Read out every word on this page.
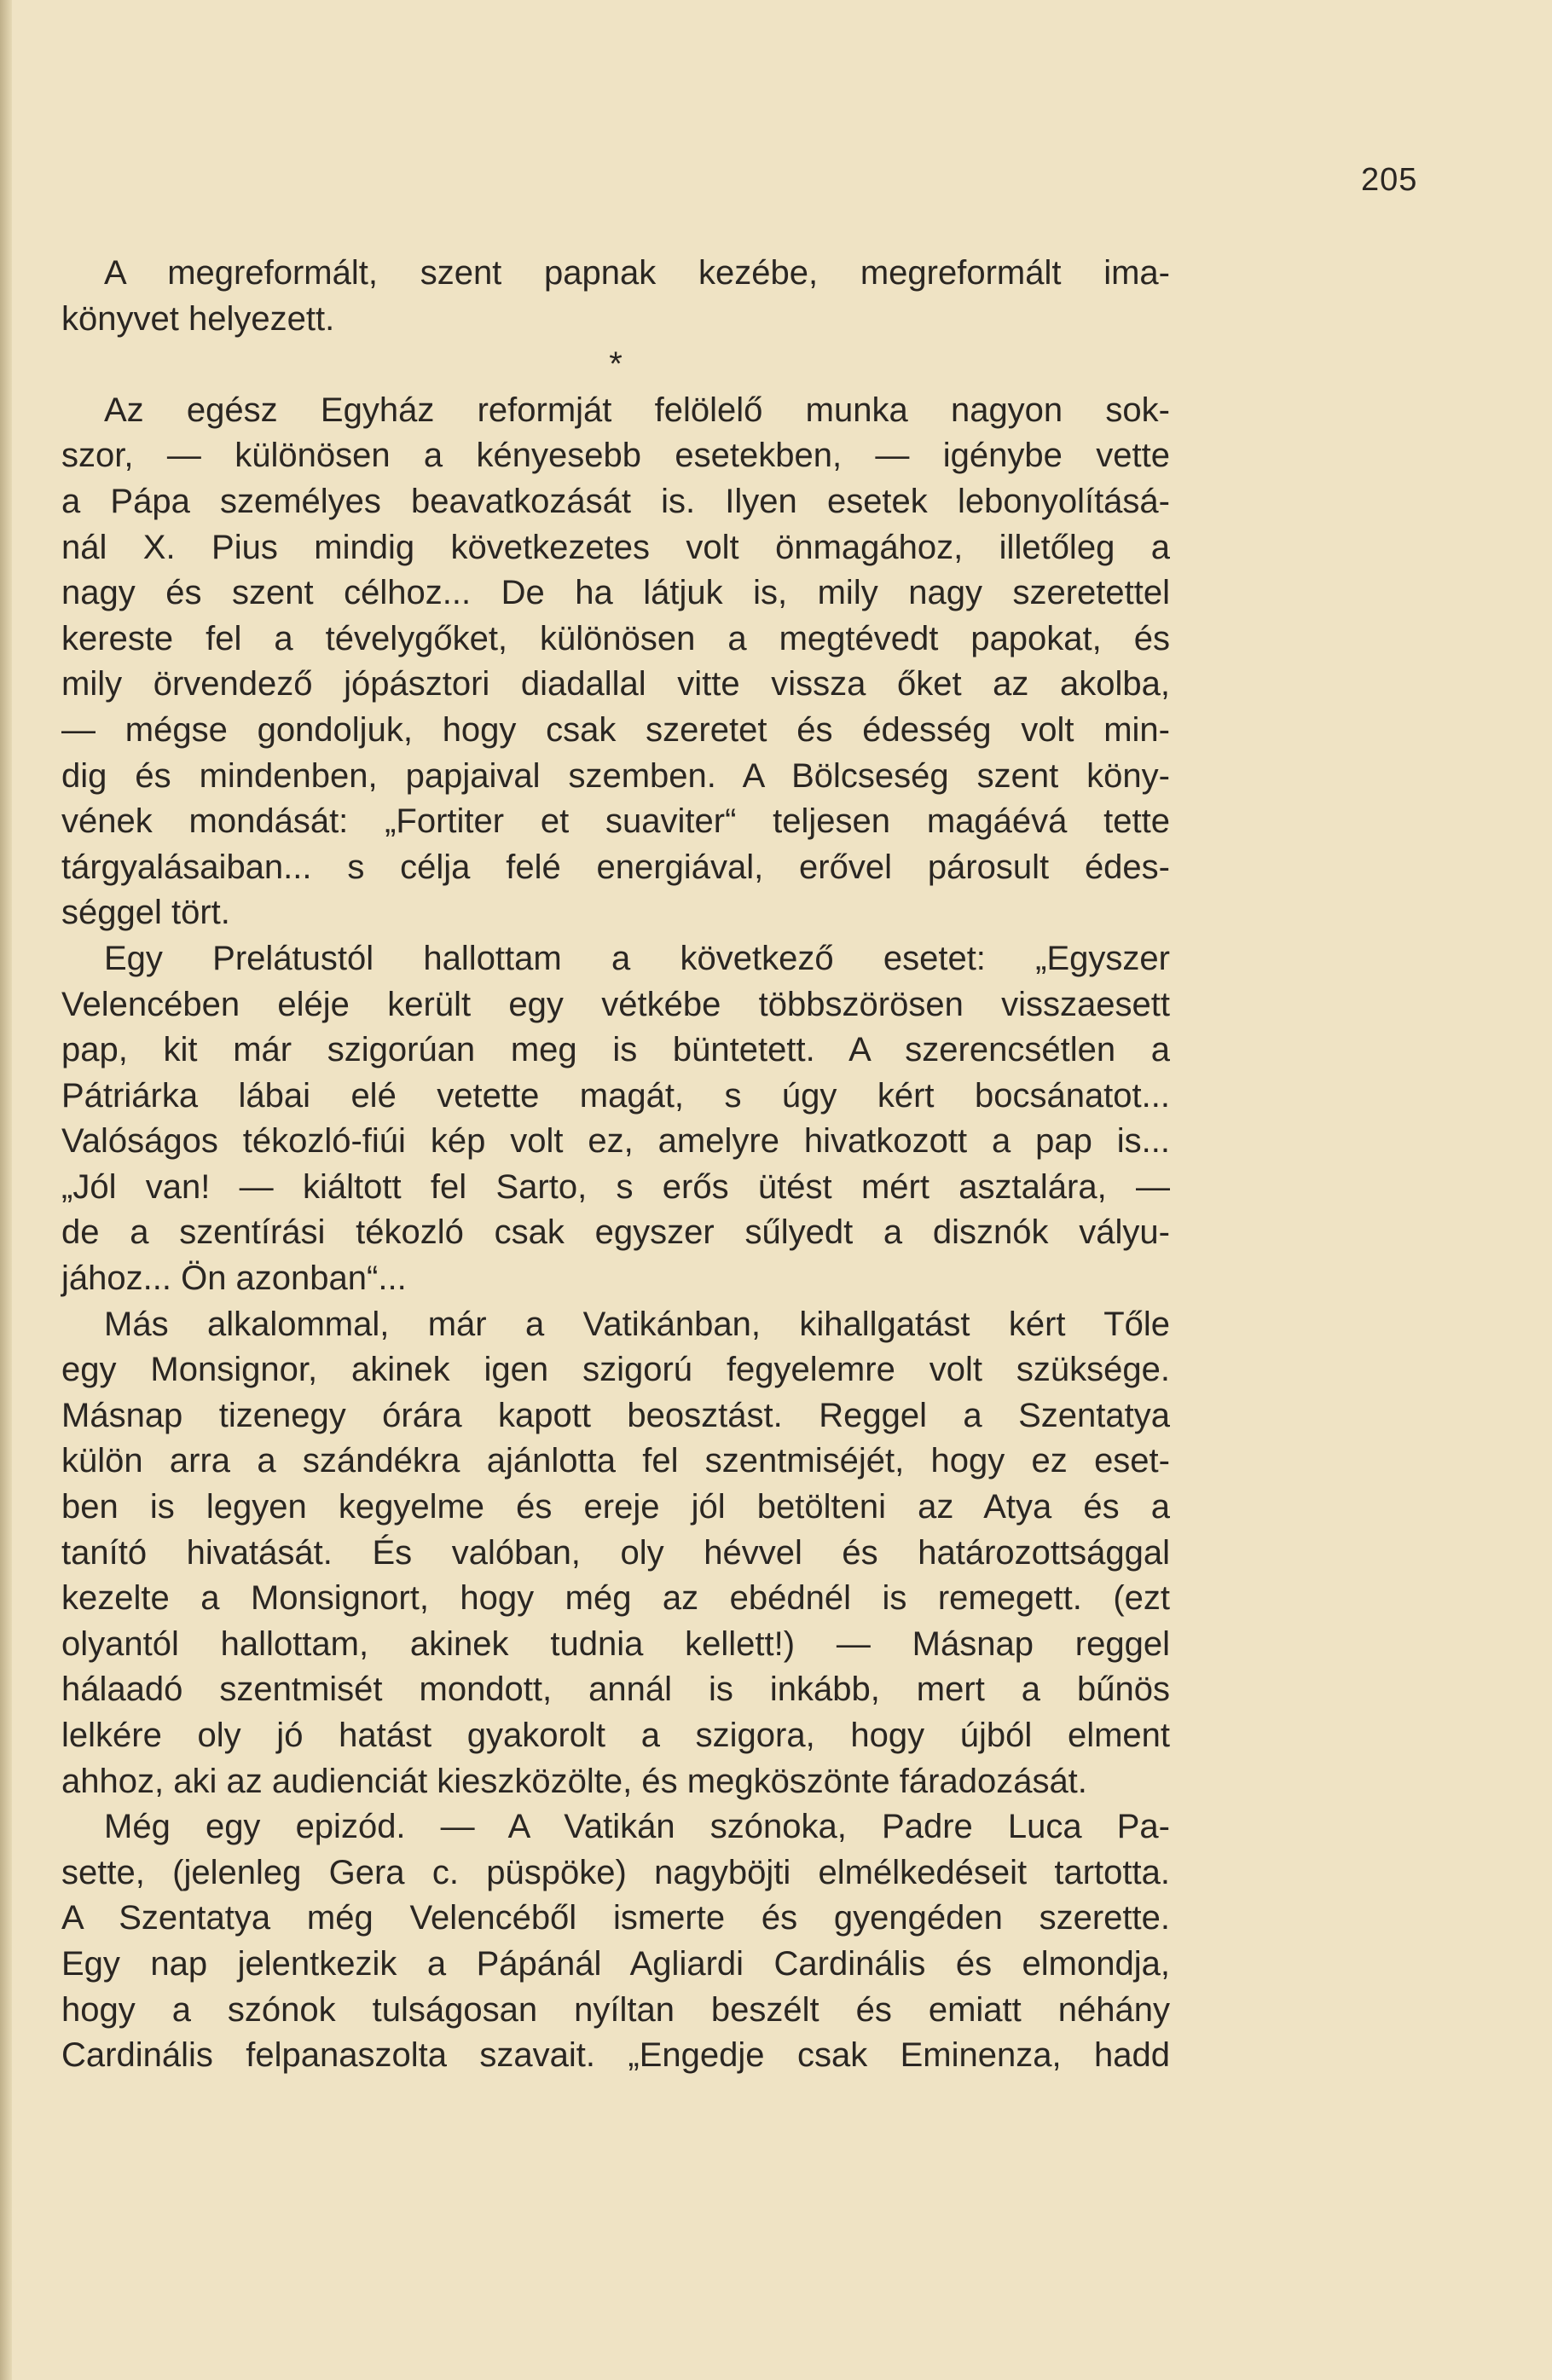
205
A megreformált, szent papnak kezébe, megreformált ima-
könyvet helyezett.
*
Az egész Egyház reformját felölelő munka nagyon sok-
szor, — különösen a kényesebb esetekben, — igénybe vette
a Pápa személyes beavatkozását is. Ilyen esetek lebonyolításá-
nál X. Pius mindig következetes volt önmagához, illetőleg a
nagy és szent célhoz... De ha látjuk is, mily nagy szeretettel
kereste fel a tévelygőket, különösen a megtévedt papokat, és
mily örvendező jópásztori diadallal vitte vissza őket az akolba,
— mégse gondoljuk, hogy csak szeretet és édesség volt min-
dig és mindenben, papjaival szemben. A Bölcseség szent köny-
vének mondását: „Fortiter et suaviter“ teljesen magáévá tette
tárgyalásaiban... s célja felé energiával, erővel párosult édes-
séggel tört.
Egy Prelátustól hallottam a következő esetet: „Egyszer
Velencében eléje került egy vétkébe többszörösen visszaesett
pap, kit már szigorúan meg is büntetett. A szerencsétlen a
Pátriárka lábai elé vetette magát, s úgy kért bocsánatot...
Valóságos tékozló-fiúi kép volt ez, amelyre hivatkozott a pap is...
„Jól van! — kiáltott fel Sarto, s erős ütést mért asztalára, —
de a szentírási tékozló csak egyszer sűlyedt a disznók vályu-
jához... Ön azonban“...
Más alkalommal, már a Vatikánban, kihallgatást kért Tőle
egy Monsignor, akinek igen szigorú fegyelemre volt szüksége.
Másnap tizenegy órára kapott beosztást. Reggel a Szentatya
külön arra a szándékra ajánlotta fel szentmiséjét, hogy ez eset-
ben is legyen kegyelme és ereje jól betölteni az Atya és a
tanító hivatását. És valóban, oly hévvel és határozottsággal
kezelte a Monsignort, hogy még az ebédnél is remegett. (ezt
olyantól hallottam, akinek tudnia kellett!) — Másnap reggel
hálaadó szentmisét mondott, annál is inkább, mert a bűnös
lelkére oly jó hatást gyakorolt a szigora, hogy újból elment
ahhoz, aki az audienciát kieszközölte, és megköszönte fáradozását.
Még egy epizód. — A Vatikán szónoka, Padre Luca Pa-
sette, (jelenleg Gera c. püspöke) nagyböjti elmélkedéseit tartotta.
A Szentatya még Velencéből ismerte és gyengéden szerette.
Egy nap jelentkezik a Pápánál Agliardi Cardinális és elmondja,
hogy a szónok tulságosan nyíltan beszélt és emiatt néhány
Cardinális felpanaszolta szavait. „Engedje csak Eminenza, hadd
